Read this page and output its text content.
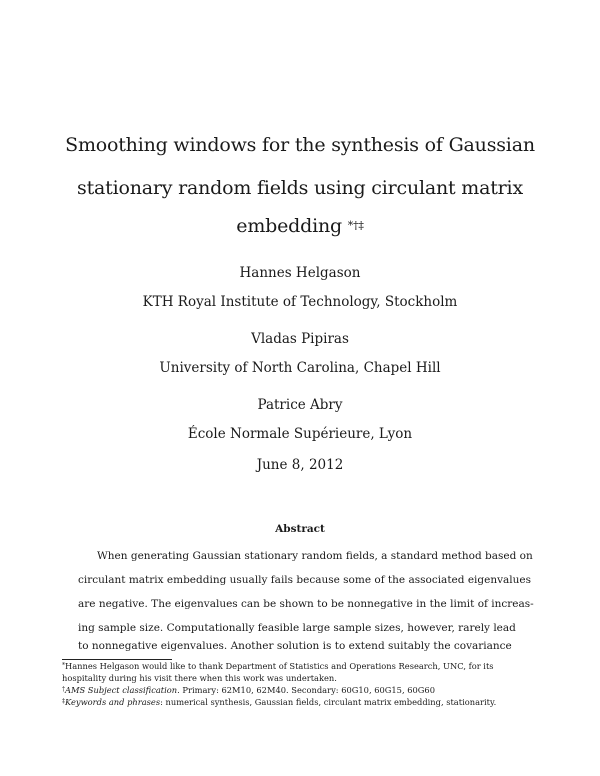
Smoothing windows for the synthesis of Gaussian
stationary random fields using circulant matrix
embedding *†‡
Hannes Helgason
KTH Royal Institute of Technology, Stockholm
Vladas Pipiras
University of North Carolina, Chapel Hill
Patrice Abry
École Normale Supérieure, Lyon
June 8, 2012
Abstract
When generating Gaussian stationary random fields, a standard method based on
circulant matrix embedding usually fails because some of the associated eigenvalues
are negative. The eigenvalues can be shown to be nonnegative in the limit of increas-
ing sample size. Computationally feasible large sample sizes, however, rarely lead
to nonnegative eigenvalues. Another solution is to extend suitably the covariance
*Hannes Helgason would like to thank Department of Statistics and Operations Research, UNC, for its
hospitality during his visit there when this work was undertaken.
†AMS Subject classification. Primary: 62M10, 62M40. Secondary: 60G10, 60G15, 60G60
‡Keywords and phrases: numerical synthesis, Gaussian fields, circulant matrix embedding, stationarity.
